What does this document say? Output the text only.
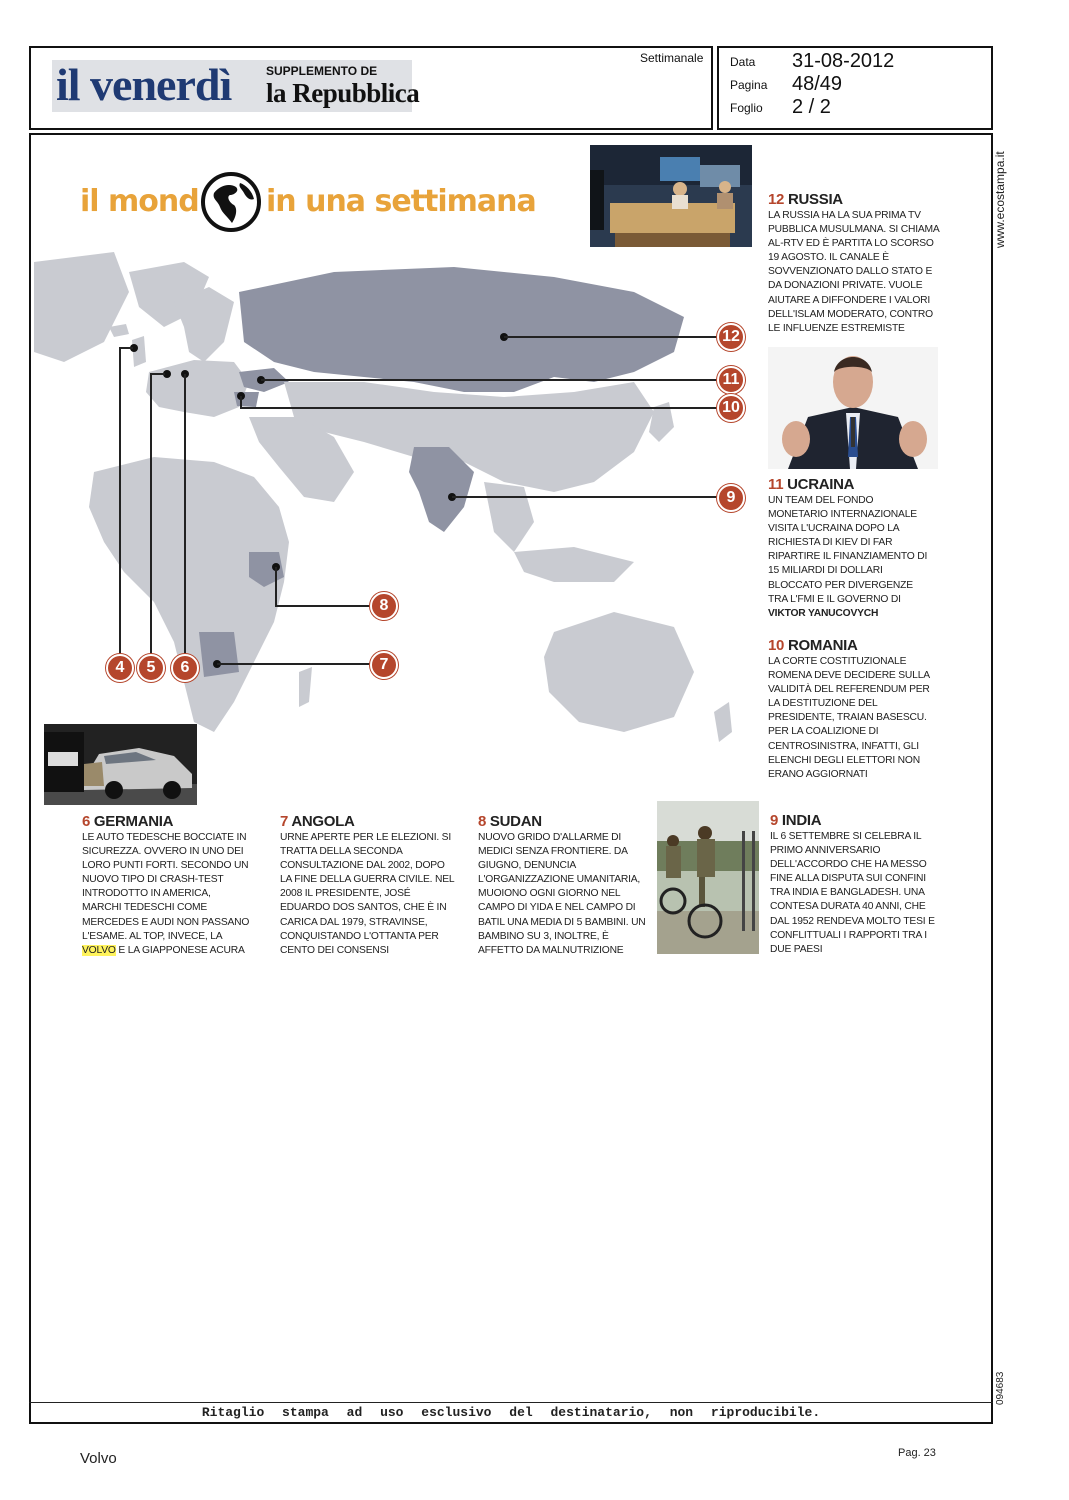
il venerdì	SUPPLEMENTO DE
la Repubblica
Settimanale Data 31-08-2012
Pagina 48/49
Foglio 2 / 2
www.ecostampa.it
094683
il mond in una settimana
12
11
10
9
8
7
4	5	6
12 RUSSIA
LA RUSSIA HA LA SUA PRIMA TV PUBBLICA MUSULMANA. SI CHIAMA AL-RTV ED È PARTITA LO SCORSO 19 AGOSTO. IL CANALE È SOVVENZIONATO DALLO STATO E DA DONAZIONI PRIVATE. VUOLE AIUTARE A DIFFONDERE I VALORI DELL'ISLAM MODERATO, CONTRO LE INFLUENZE ESTREMISTE
11 UCRAINA
UN TEAM DEL FONDO MONETARIO INTERNAZIONALE VISITA L'UCRAINA DOPO LA RICHIESTA DI KIEV DI FAR RIPARTIRE IL FINANZIAMENTO DI 15 MILIARDI DI DOLLARI BLOCCATO PER DIVERGENZE TRA L'FMI E IL GOVERNO DI VIKTOR YANUCOVYCH
10 ROMANIA
LA CORTE COSTITUZIONALE ROMENA DEVE DECIDERE SULLA VALIDITÀ DEL REFERENDUM PER LA DESTITUZIONE DEL PRESIDENTE, TRAIAN BASESCU. PER LA COALIZIONE DI CENTROSINISTRA, INFATTI, GLI ELENCHI DEGLI ELETTORI NON ERANO AGGIORNATI
6 GERMANIA
LE AUTO TEDESCHE BOCCIATE IN SICUREZZA. OVVERO IN UNO DEI LORO PUNTI FORTI. SECONDO UN NUOVO TIPO DI CRASH-TEST INTRODOTTO IN AMERICA, MARCHI TEDESCHI COME MERCEDES E AUDI NON PASSANO L'ESAME. AL TOP, INVECE, LA VOLVO E LA GIAPPONESE ACURA
7 ANGOLA
URNE APERTE PER LE ELEZIONI. SI TRATTA DELLA SECONDA CONSULTAZIONE DAL 2002, DOPO LA FINE DELLA GUERRA CIVILE. NEL 2008 IL PRESIDENTE, JOSÉ EDUARDO DOS SANTOS, CHE È IN CARICA DAL 1979, STRAVINSE, CONQUISTANDO L'OTTANTA PER CENTO DEI CONSENSI
8 SUDAN
NUOVO GRIDO D'ALLARME DI MEDICI SENZA FRONTIERE. DA GIUGNO, DENUNCIA L'ORGANIZZAZIONE UMANITARIA, MUOIONO OGNI GIORNO NEL CAMPO DI YIDA E NEL CAMPO DI BATIL UNA MEDIA DI 5 BAMBINI. UN BAMBINO SU 3, INOLTRE, È AFFETTO DA MALNUTRIZIONE
9 INDIA
IL 6 SETTEMBRE SI CELEBRA IL PRIMO ANNIVERSARIO DELL'ACCORDO CHE HA MESSO FINE ALLA DISPUTA SUI CONFINI TRA INDIA E BANGLADESH. UNA CONTESA DURATA 40 ANNI, CHE DAL 1952 RENDEVA MOLTO TESI E CONFLITTUALI I RAPPORTI TRA I DUE PAESI
Ritaglio stampa ad uso esclusivo del destinatario, non riproducibile.
Volvo	Pag. 23
